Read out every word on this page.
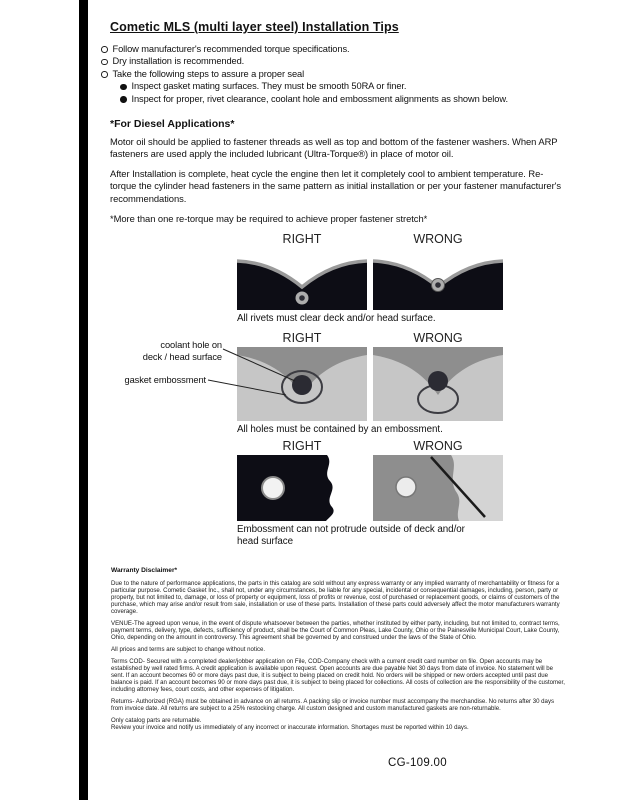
Cometic MLS (multi layer steel) Installation Tips
Follow manufacturer's recommended torque specifications.
Dry installation is recommended.
Take the following steps to assure a proper seal
Inspect gasket mating surfaces. They must be smooth 50RA or finer.
Inspect for proper, rivet clearance, coolant hole and embossment alignments as shown below.
*For Diesel Applications*
Motor oil should be applied to fastener threads as well as top and bottom of the fastener washers. When ARP fasteners are used apply the included lubricant (Ultra-Torque®) in place of motor oil.
After Installation is complete, heat cycle the engine then let it completely cool to ambient temperature. Re-torque the cylinder head fasteners in the same pattern as initial installation or per your fastener manufacturer's recommendations.
*More than one re-torque may be required to achieve proper fastener stretch*
RIGHT	WRONG
All rivets must clear deck and/or head surface.
coolant hole on
deck / head surface
gasket embossment
RIGHT	WRONG
All holes must be contained by an embossment.
RIGHT	WRONG
Embossment can not protrude outside of deck and/or head surface
Warranty Disclaimer*
Due to the nature of performance applications, the parts in this catalog are sold without any express warranty or any implied warranty of merchantability or fitness for a particular purpose. Cometic Gasket Inc., shall not, under any circumstances, be liable for any special, incidental or consequential damages, including, person, party or property, but not limited to, damage, or loss of property or equipment, loss of profits or revenue, cost of purchased or replacement goods, or claims of customers of the purchase, which may arise and/or result from sale, installation or use of these parts. Installation of these parts could adversely affect the motor manufacturers warranty coverage.
VENUE-The agreed upon venue, in the event of dispute whatsoever between the parties, whether instituted by either party, including, but not limited to, contract terms, payment terms, delivery, type, defects, sufficiency of product, shall be the Court of Common Pleas, Lake County, Ohio or the Painesville Municipal Court, Lake County, Ohio, depending on the amount in controversy. This agreement shall be governed by and construed under the laws of the State of Ohio.
All prices and terms are subject to change without notice.
Terms COD- Secured with a completed dealer/jobber application on File, COD-Company check with a current credit card number on file. Open accounts may be established by well rated firms. A credit application is available upon request. Open accounts are due payable Net 30 days from date of invoice. No statement will be sent. If an account becomes 60 or more days past due, it is subject to being placed on credit hold. No orders will be shipped or new orders accepted until past due balance is paid. If an account becomes 90 or more days past due, it is subject to being placed for collections. All costs of collection are the responsibility of the customer, including attorney fees, court costs, and other expenses of litigation.
Returns- Authorized (RGA) must be obtained in advance on all returns. A packing slip or invoice number must accompany the merchandise. No returns after 30 days from invoice date. All returns are subject to a 25% restocking charge. All custom designed and custom manufactured gaskets are non-returnable.
Only catalog parts are returnable.
Review your invoice and notify us immediately of any incorrect or inaccurate information. Shortages must be reported within 10 days.
CG-109.00
